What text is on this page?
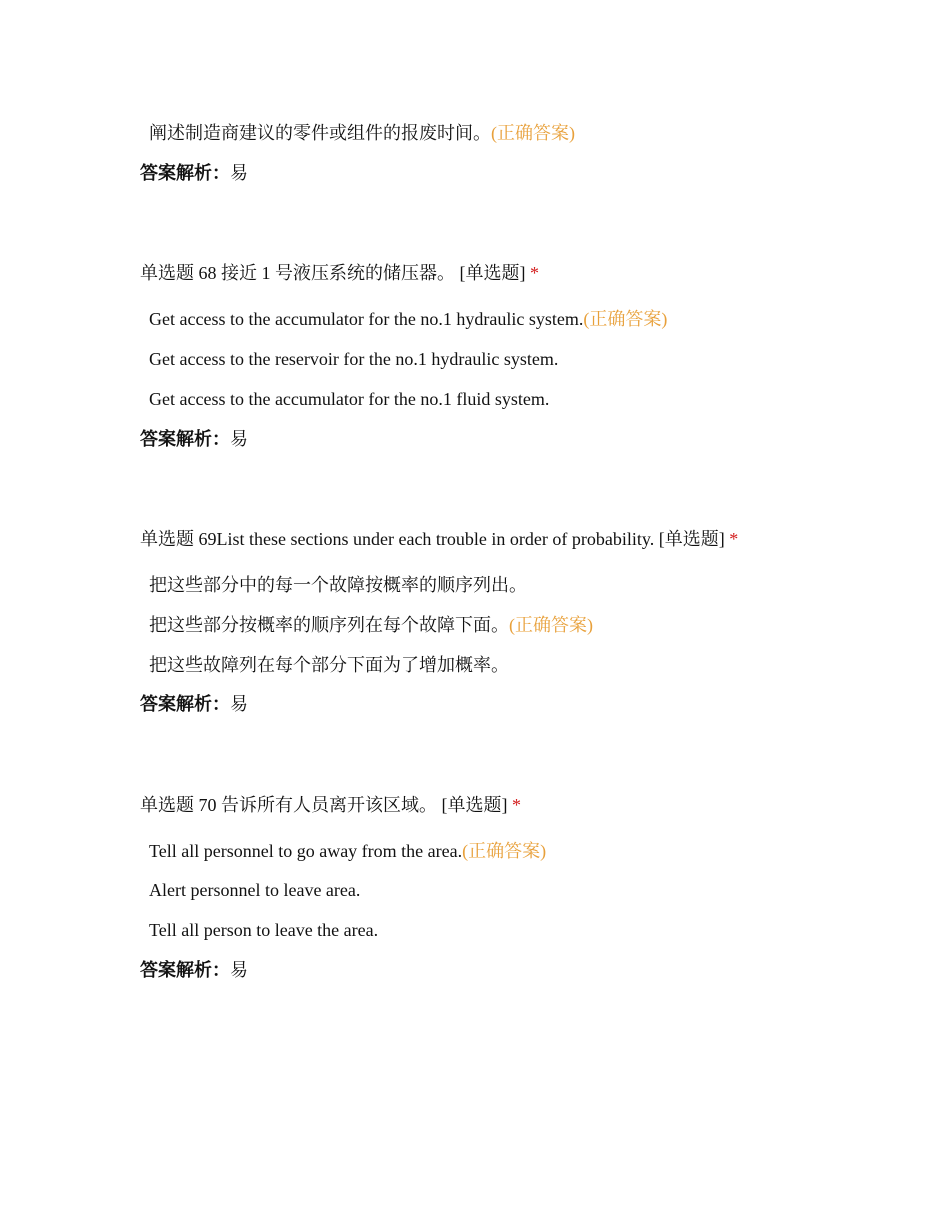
阐述制造商建议的零件或组件的报废时间。(正确答案)
答案解析：易
单选题 68 接近 1 号液压系统的储压器。 [单选题] *
Get access to the accumulator for the no.1 hydraulic system.(正确答案)
Get access to the reservoir for the no.1 hydraulic system.
Get access to the accumulator for the no.1 fluid system.
答案解析：易
单选题 69List these sections under each trouble in order of probability. [单选题] *
把这些部分中的每一个故障按概率的顺序列出。
把这些部分按概率的顺序列在每个故障下面。(正确答案)
把这些故障列在每个部分下面为了增加概率。
答案解析：易
单选题 70 告诉所有人员离开该区域。 [单选题] *
Tell all personnel to go away from the area.(正确答案)
Alert personnel to leave area.
Tell all person to leave the area.
答案解析：易
